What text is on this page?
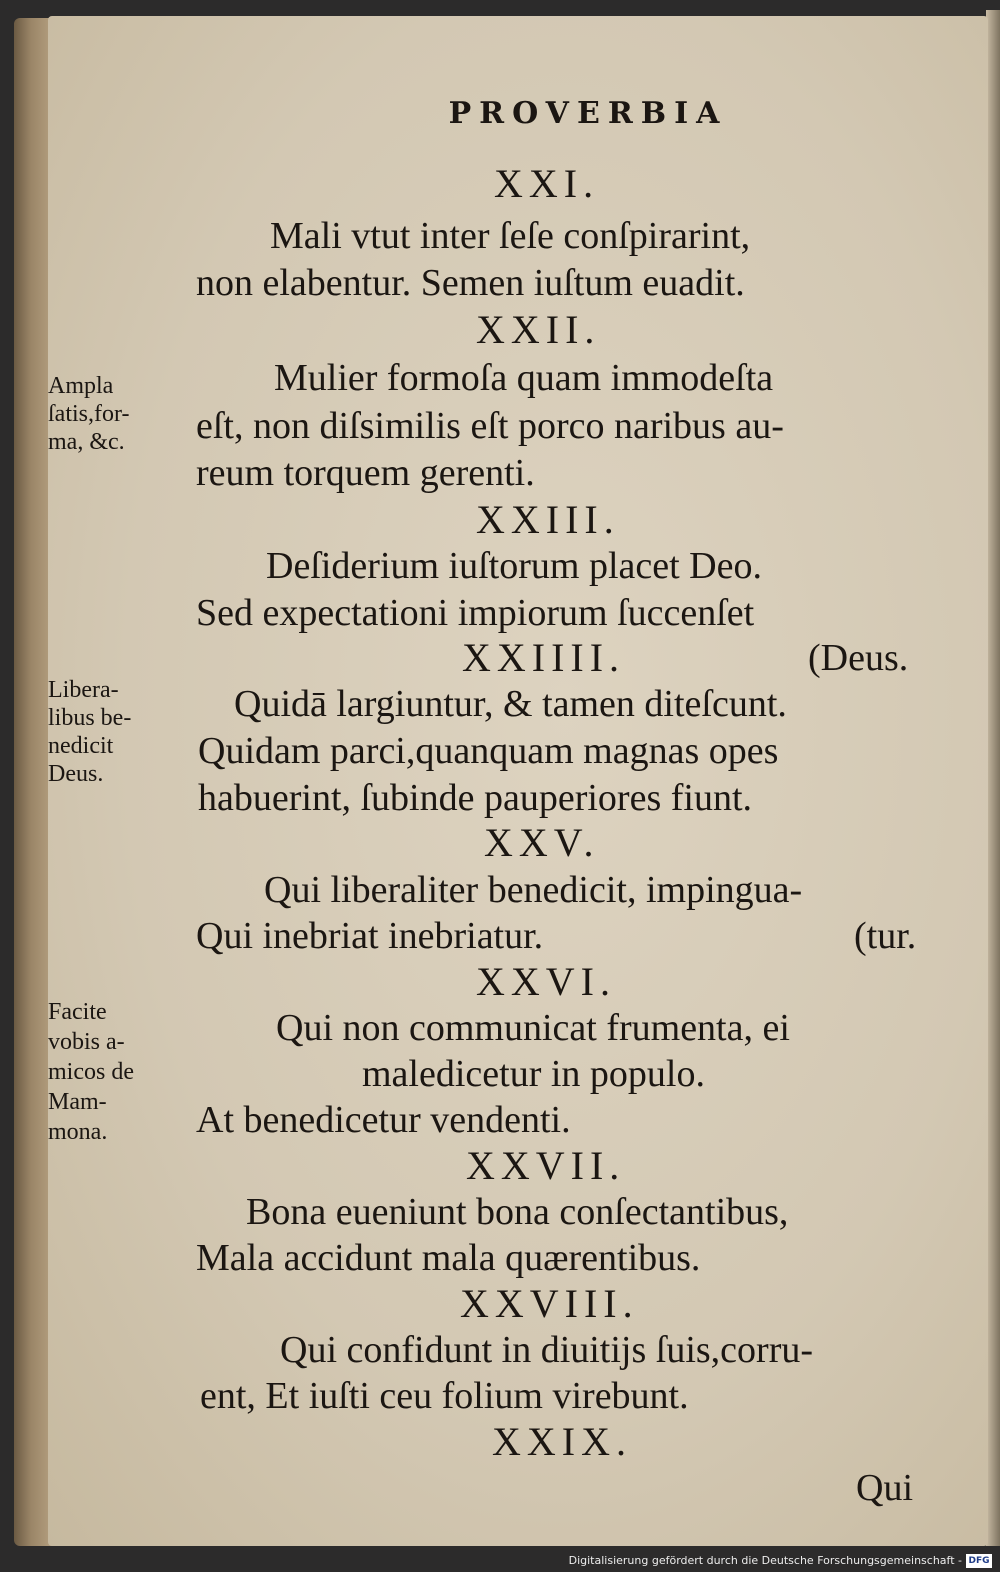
PROVERBIA
XXI.
Mali vtut inter ſeſe conſpirarint,
non elabentur. Semen iuſtum euadit.
XXII.
Mulier formoſa quam immodeſta
eſt, non diſsimilis eſt porco naribus au-
reum torquem gerenti.
XXIII.
Deſiderium iuſtorum placet Deo.
Sed expectationi impiorum ſuccenſet
XXIIII.	(Deus.
Quidā largiuntur, & tamen diteſcunt.
Quidam parci,quanquam magnas opes
habuerint, ſubinde pauperiores fiunt.
XXV.
Qui liberaliter benedicit, impingua-
Qui inebriat inebriatur.	(tur.
XXVI.
Qui non communicat frumenta, ei
maledicetur in populo.
At benedicetur vendenti.
XXVII.
Bona eueniunt bona conſectantibus,
Mala accidunt mala quærentibus.
XXVIII.
Qui confidunt in diuitijs ſuis,corru-
ent, Et iuſti ceu folium virebunt.
XXIX.
Qui
Ampla
ſatis,for-
ma, &c.
Libera-
libus be-
nedicit
Deus.
Facite
vobis a-
micos de
Mam-
mona.
Digitalisierung gefördert durch die Deutsche Forschungsgemeinschaft - DFG
